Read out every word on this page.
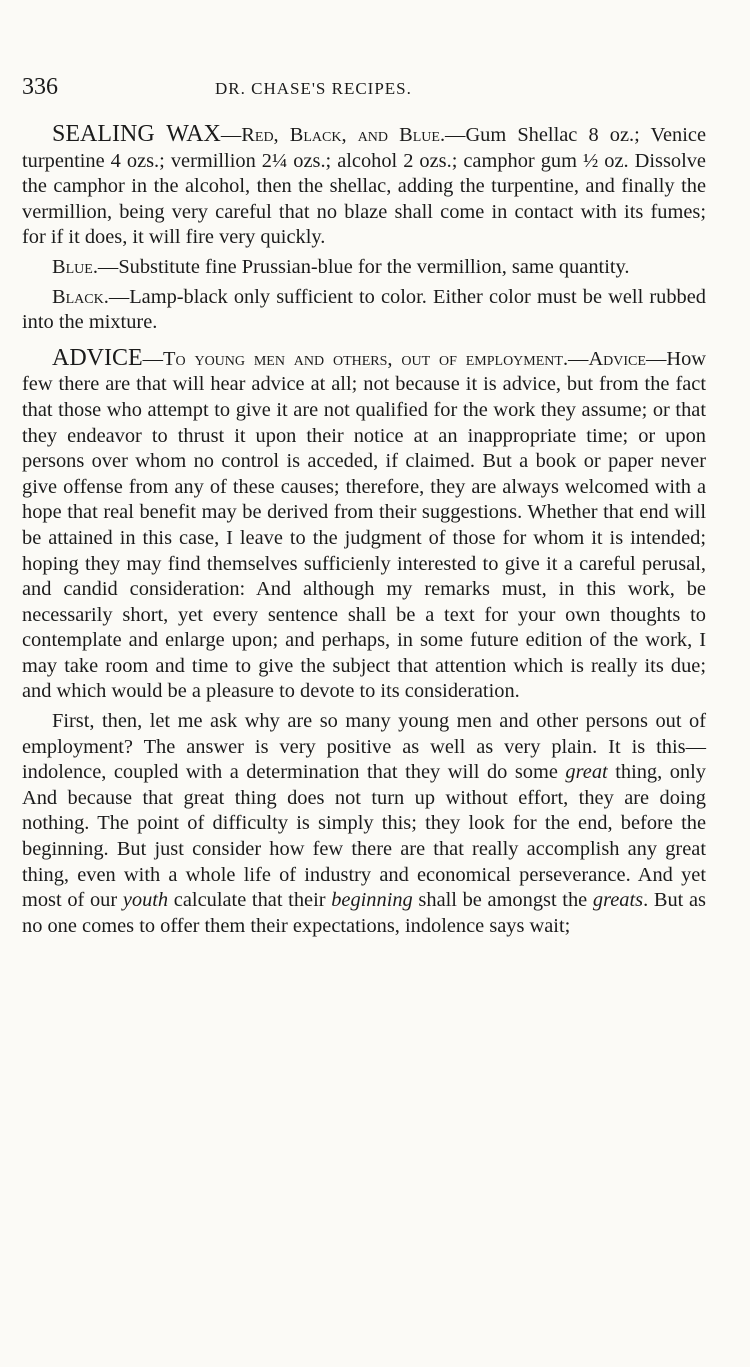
336	DR. CHASE'S RECIPES.

SEALING WAX—Red, Black, and Blue.—Gum Shellac 8 oz.; Venice turpentine 4 ozs.; vermillion 2¼ ozs.; alcohol 2 ozs.; camphor gum ½ oz. Dissolve the camphor in the alcohol, then the shellac, adding the turpentine, and finally the vermillion, being very careful that no blaze shall come in contact with its fumes; for if it does, it will fire very quickly.

Blue.—Substitute fine Prussian-blue for the vermillion, same quantity.

Black.—Lamp-black only sufficient to color. Either color must be well rubbed into the mixture.

ADVICE—To young men and others, out of employment.—Advice—How few there are that will hear advice at all; not because it is advice, but from the fact that those who attempt to give it are not qualified for the work they assume; or that they endeavor to thrust it upon their notice at an inappropriate time; or upon persons over whom no control is acceded, if claimed. But a book or paper never give offense from any of these causes; therefore, they are always welcomed with a hope that real benefit may be derived from their suggestions. Whether that end will be attained in this case, I leave to the judgment of those for whom it is intended; hoping they may find themselves sufficienly interested to give it a careful perusal, and candid consideration: And although my remarks must, in this work, be necessarily short, yet every sentence shall be a text for your own thoughts to contemplate and enlarge upon; and perhaps, in some future edition of the work, I may take room and time to give the subject that attention which is really its due; and which would be a pleasure to devote to its consideration.

First, then, let me ask why are so many young men and other persons out of employment? The answer is very positive as well as very plain. It is this—indolence, coupled with a determination that they will do some great thing, only And because that great thing does not turn up without effort, they are doing nothing. The point of difficulty is simply this; they look for the end, before the beginning. But just consider how few there are that really accomplish any great thing, even with a whole life of industry and economical perseverance. And yet most of our youth calculate that their beginning shall be amongst the greats. But as no one comes to offer them their expectations, indolence says wait;
